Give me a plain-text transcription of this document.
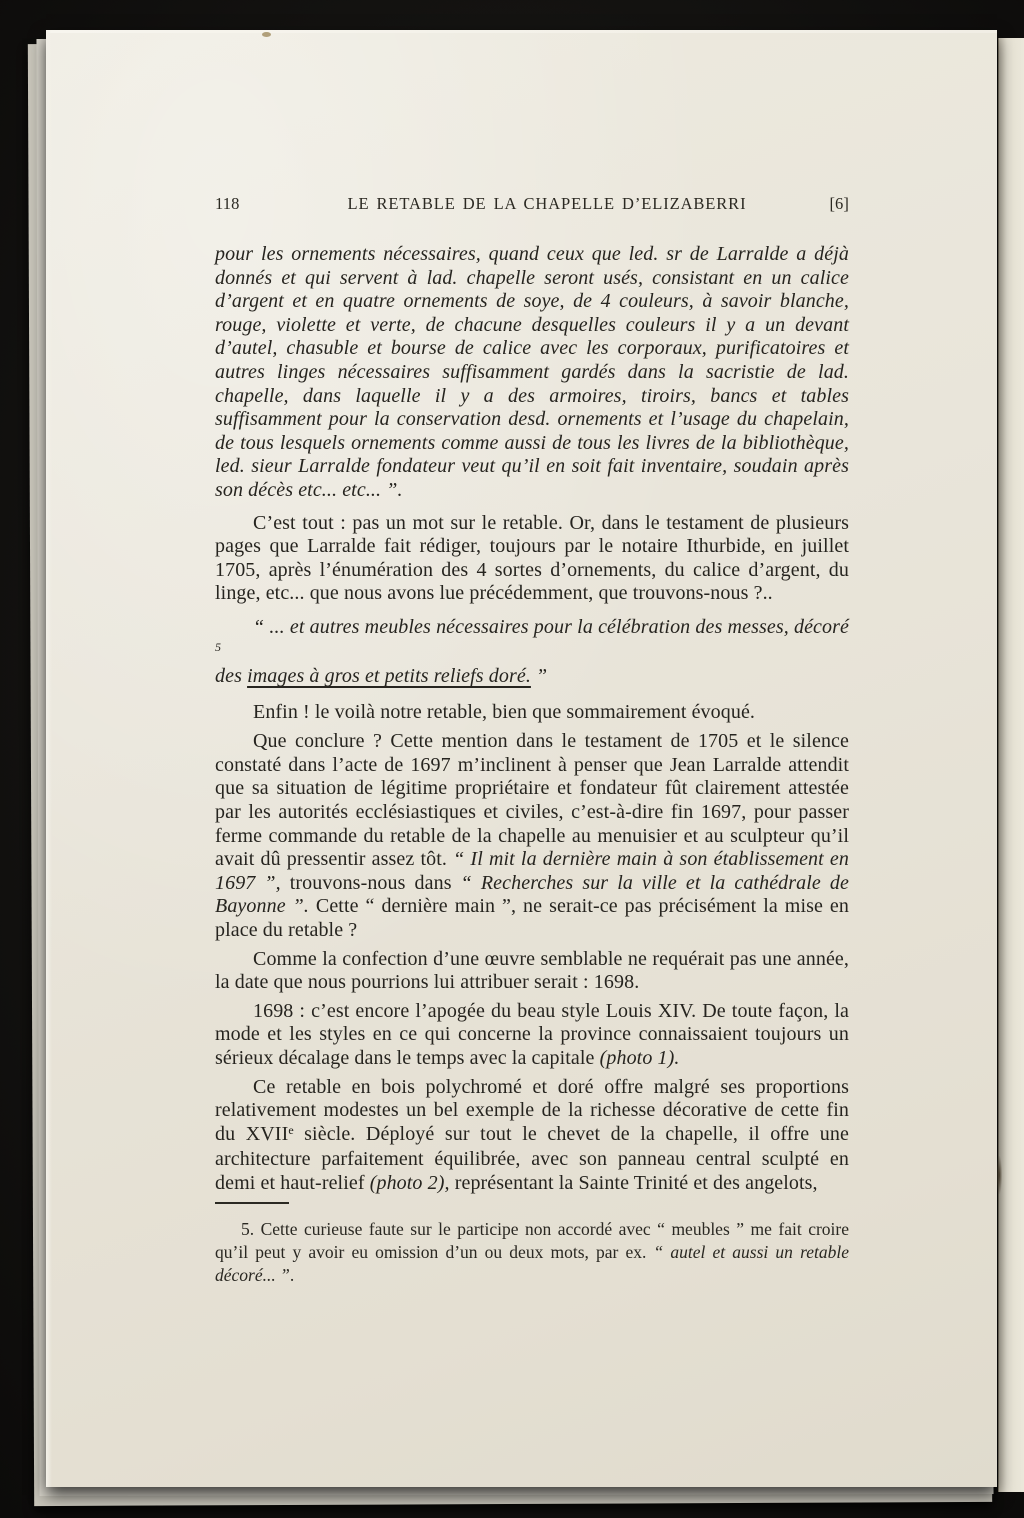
118	LE RETABLE DE LA CHAPELLE D’ELIZABERRI	[6]

pour les ornements nécessaires, quand ceux que led. sr de Larralde a déjà donnés et qui servent à lad. chapelle seront usés, consistant en un calice d’argent et en quatre ornements de soye, de 4 couleurs, à savoir blanche, rouge, violette et verte, de chacune desquelles couleurs il y a un devant d’autel, chasuble et bourse de calice avec les corporaux, purificatoires et autres linges nécessaires suffisamment gardés dans la sacristie de lad. chapelle, dans laquelle il y a des armoires, tiroirs, bancs et tables suffisamment pour la conservation desd. ornements et l’usage du chapelain, de tous lesquels ornements comme aussi de tous les livres de la bibliothèque, led. sieur Larralde fondateur veut qu’il en soit fait inventaire, soudain après son décès etc... etc... ”.

C’est tout : pas un mot sur le retable. Or, dans le testament de plusieurs pages que Larralde fait rédiger, toujours par le notaire Ithurbide, en juillet 1705, après l’énumération des 4 sortes d’ornements, du calice d’argent, du linge, etc... que nous avons lue précédemment, que trouvons-nous ?..

“ ... et autres meubles nécessaires pour la célébration des messes, décoré $^5$
des images à gros et petits reliefs doré. ”

Enfin ! le voilà notre retable, bien que sommairement évoqué.

Que conclure ? Cette mention dans le testament de 1705 et le silence constaté dans l’acte de 1697 m’inclinent à penser que Jean Larralde attendit que sa situation de légitime propriétaire et fondateur fût clairement attestée par les autorités ecclésiastiques et civiles, c’est-à-dire fin 1697, pour passer ferme commande du retable de la chapelle au menuisier et au sculpteur qu’il avait dû pressentir assez tôt. “ Il mit la dernière main à son établissement en 1697 ”, trouvons-nous dans “ Recherches sur la ville et la cathédrale de Bayonne ”. Cette “ dernière main ”, ne serait-ce pas précisément la mise en place du retable ?

Comme la confection d’une œuvre semblable ne requérait pas une année, la date que nous pourrions lui attribuer serait : 1698.

1698 : c’est encore l’apogée du beau style Louis XIV. De toute façon, la mode et les styles en ce qui concerne la province connaissaient toujours un sérieux décalage dans le temps avec la capitale (photo 1).

Ce retable en bois polychromé et doré offre malgré ses proportions relativement modestes un bel exemple de la richesse décorative de cette fin du XVIIe siècle. Déployé sur tout le chevet de la chapelle, il offre une architecture parfaitement équilibrée, avec son panneau central sculpté en demi et haut-relief (photo 2), représentant la Sainte Trinité et des angelots,

5. Cette curieuse faute sur le participe non accordé avec “ meubles ” me fait croire qu’il peut y avoir eu omission d’un ou deux mots, par ex. “ autel et aussi un retable décoré... ”.
